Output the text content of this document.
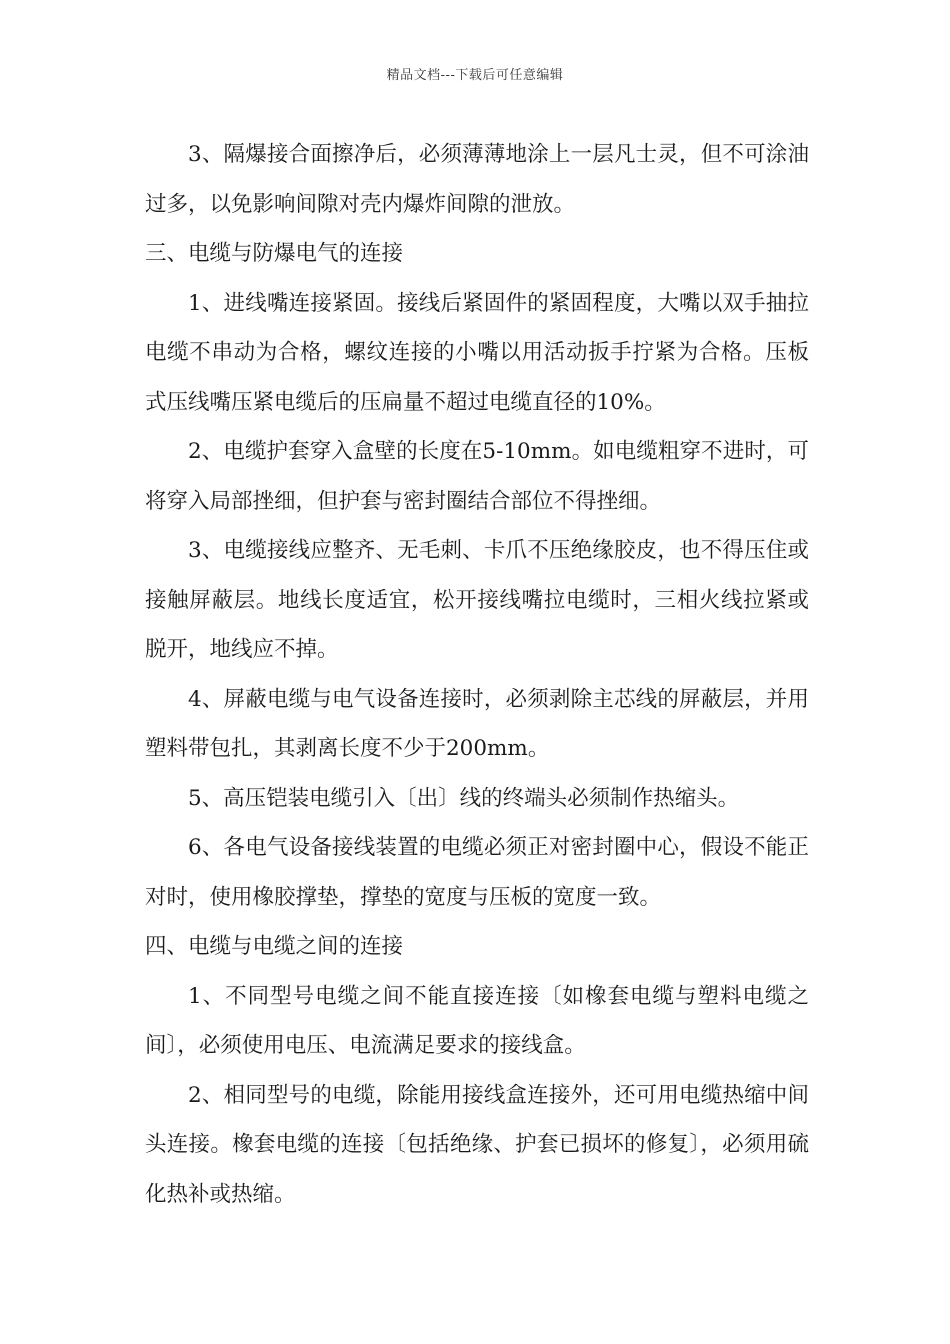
精品文档---下载后可任意编辑

3、隔爆接合面擦净后，必须薄薄地涂上一层凡士灵，但不可涂油过多，以免影响间隙对壳内爆炸间隙的泄放。

三、电缆与防爆电气的连接

1、进线嘴连接紧固。接线后紧固件的紧固程度，大嘴以双手抽拉电缆不串动为合格，螺纹连接的小嘴以用活动扳手拧紧为合格。压板式压线嘴压紧电缆后的压扁量不超过电缆直径的10%。

2、电缆护套穿入盒壁的长度在5-10mm。如电缆粗穿不进时，可将穿入局部挫细，但护套与密封圈结合部位不得挫细。

3、电缆接线应整齐、无毛刺、卡爪不压绝缘胶皮，也不得压住或接触屏蔽层。地线长度适宜，松开接线嘴拉电缆时，三相火线拉紧或脱开，地线应不掉。

4、屏蔽电缆与电气设备连接时，必须剥除主芯线的屏蔽层，并用塑料带包扎，其剥离长度不少于200mm。

5、高压铠装电缆引入〔出〕线的终端头必须制作热缩头。

6、各电气设备接线装置的电缆必须正对密封圈中心，假设不能正对时，使用橡胶撑垫，撑垫的宽度与压板的宽度一致。

四、电缆与电缆之间的连接

1、不同型号电缆之间不能直接连接〔如橡套电缆与塑料电缆之间〕，必须使用电压、电流满足要求的接线盒。

2、相同型号的电缆，除能用接线盒连接外，还可用电缆热缩中间头连接。橡套电缆的连接〔包括绝缘、护套已损坏的修复〕，必须用硫化热补或热缩。
